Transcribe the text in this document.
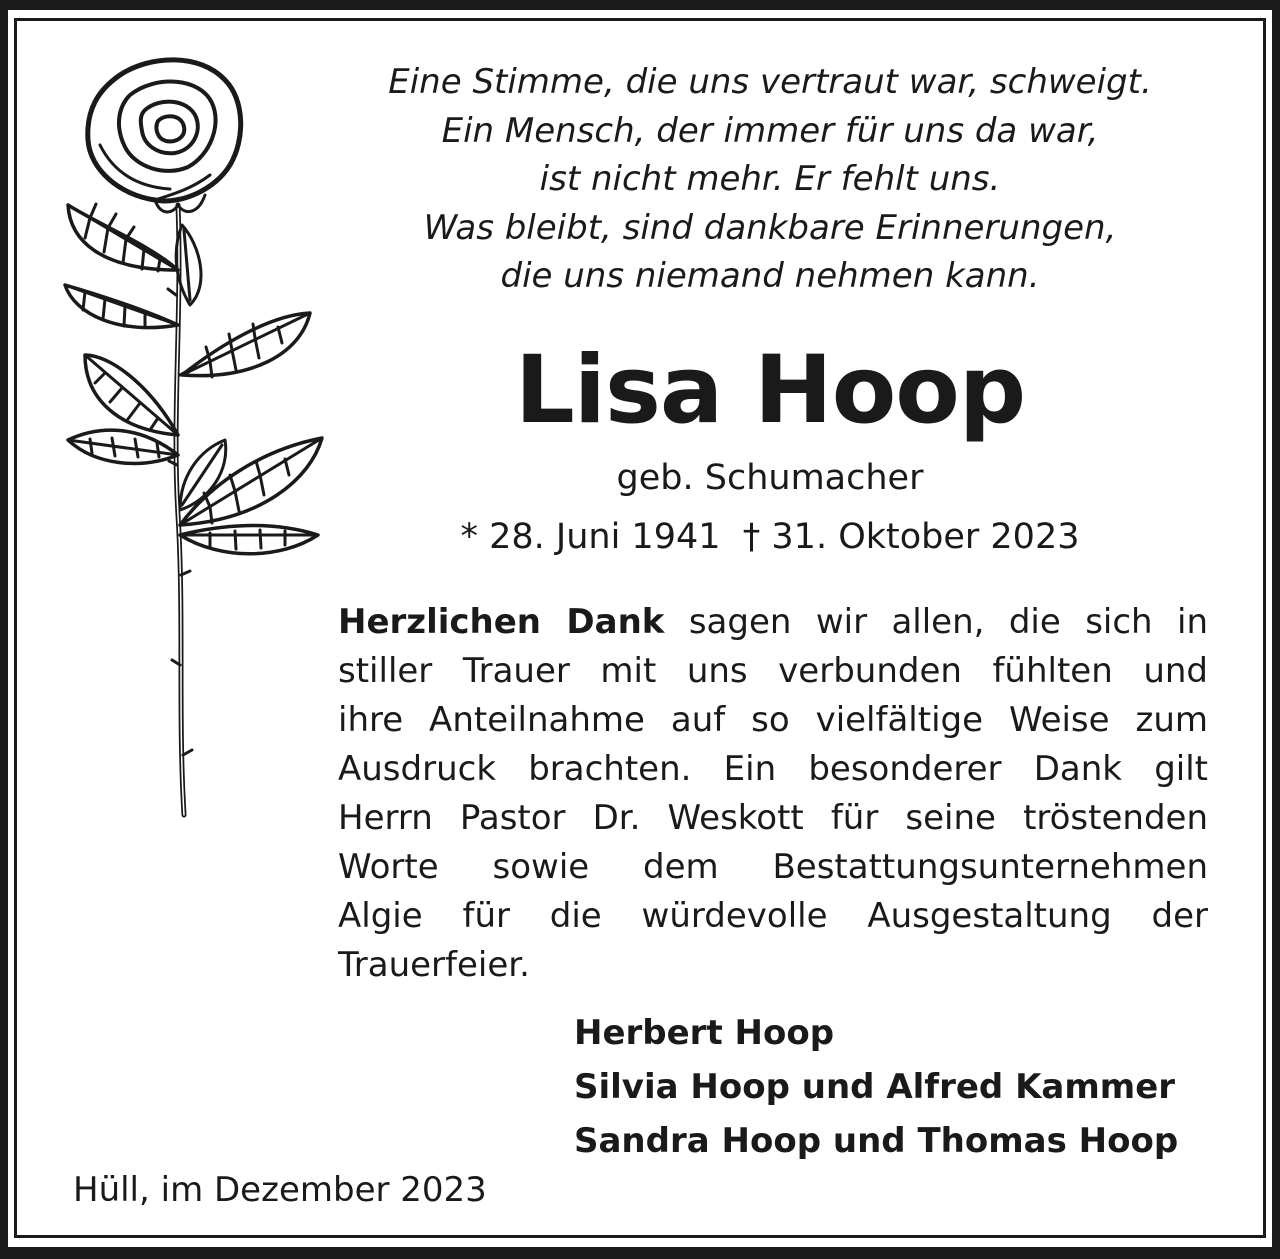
Eine Stimme, die uns vertraut war, schweigt.
Ein Mensch, der immer für uns da war,
ist nicht mehr. Er fehlt uns.
Was bleibt, sind dankbare Erinnerungen,
die uns niemand nehmen kann.
Lisa Hoop
geb. Schumacher
* 28. Juni 1941 † 31. Oktober 2023
Herzlichen Dank sagen wir allen, die sich in
stiller Trauer mit uns verbunden fühlten und
ihre Anteilnahme auf so vielfältige Weise zum
Ausdruck brachten. Ein besonderer Dank gilt
Herrn Pastor Dr. Weskott für seine tröstenden
Worte sowie dem Bestattungsunternehmen
Algie für die würdevolle Ausgestaltung der
Trauerfeier.
Herbert Hoop
Silvia Hoop und Alfred Kammer
Sandra Hoop und Thomas Hoop
Hüll, im Dezember 2023
